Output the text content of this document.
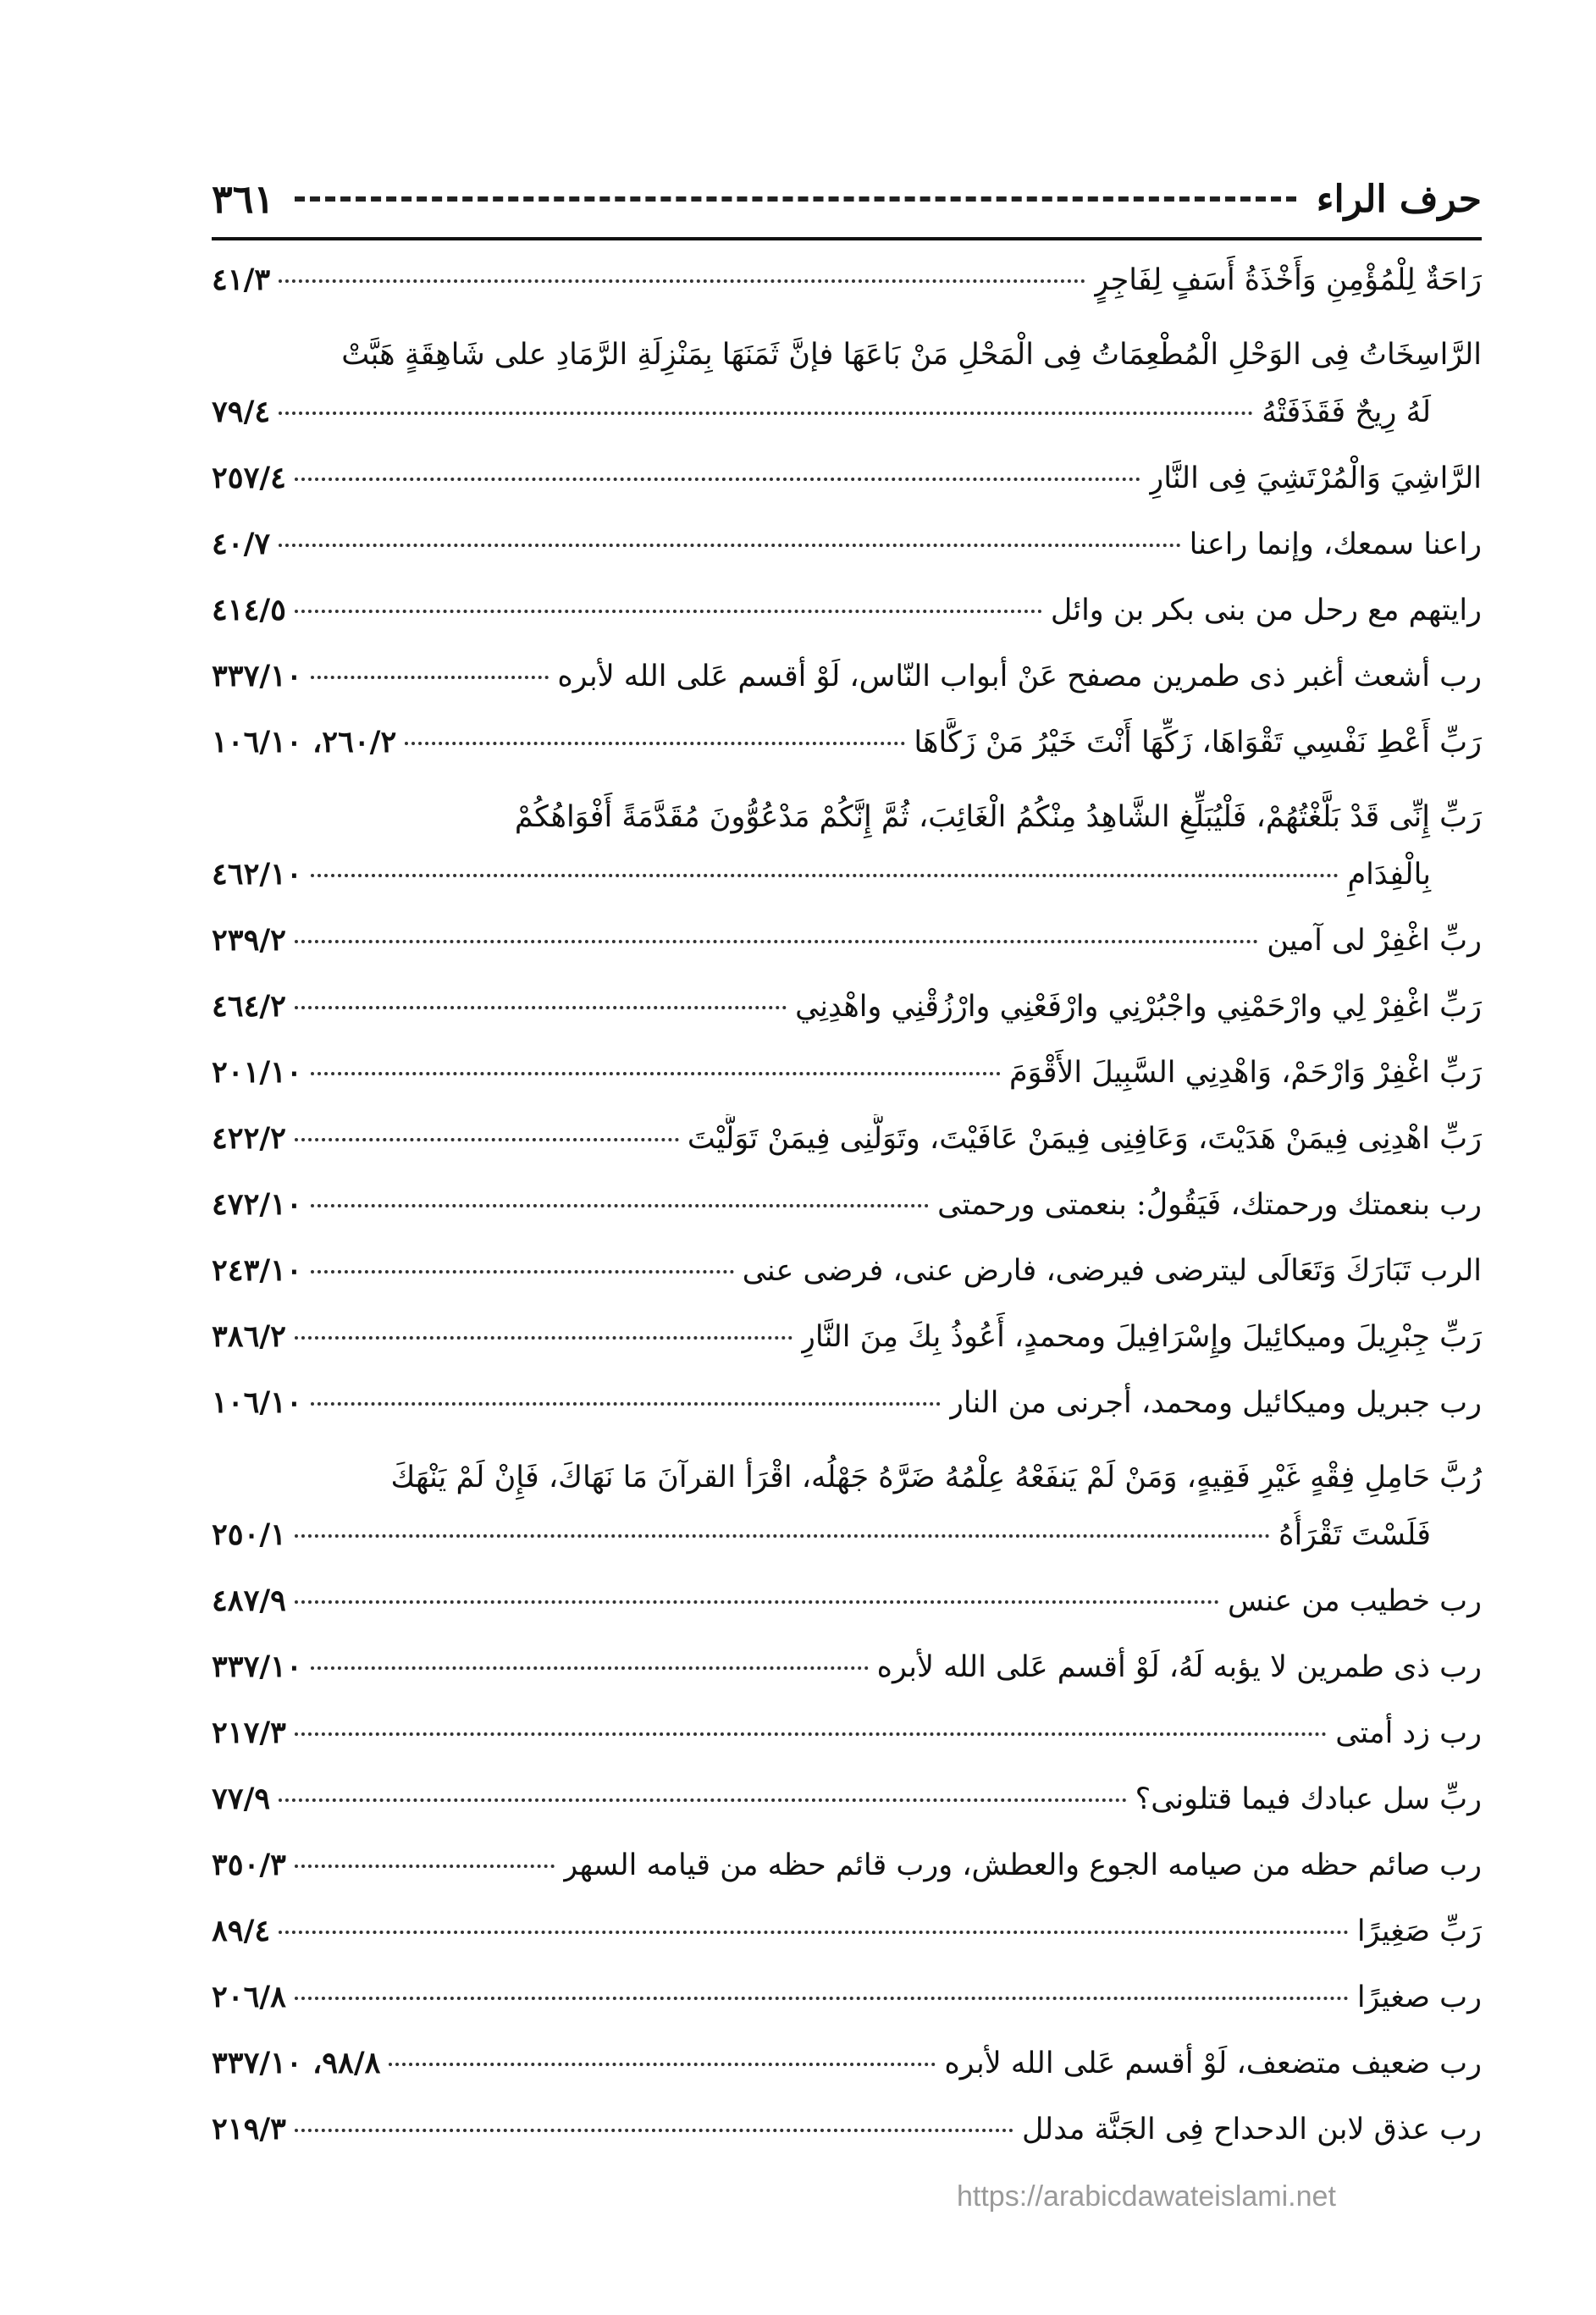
حرف الراء
٣٦١
رَاحَةٌ لِلْمُؤْمِنِ وَأَخْذَةُ أَسَفٍ لِفَاجِرٍ
٤١/٣
الرَّاسِخَاتُ فِى الوَحْلِ الْمُطْعِمَاتُ فِى الْمَحْلِ مَنْ بَاعَهَا فإنَّ ثَمَنَهَا بِمَنْزِلَةِ الرَّمَادِ على شَاهِقَةٍ هَبَّتْ
لَهُ رِيحٌ فَقَذَفَتْهُ
٧٩/٤
الرَّاشِيَ وَالْمُرْتَشِيَ فِى النَّارِ
٢٥٧/٤
راعنا سمعك، وإنما راعنا
٤٠/٧
رايتهم مع رحل من بنى بكر بن وائل
٤١٤/٥
رب أشعث أغبر ذى طمرين مصفح عَنْ أبواب النّاس، لَوْ أقسم عَلى الله لأبره
٣٣٧/١٠
رَبِّ أَعْطِ نَفْسِي تَقْوَاهَا، زَكِّهَا أَنْتَ خَيْرُ مَنْ زَكَّاهَا
٢٦٠/٢، ١٠٦/١٠
رَبِّ إِنِّى قَدْ بَلَّغْتُهُمْ، فَلْيُبَلِّغِ الشَّاهِدُ مِنْكُمُ الْغَائِبَ، ثُمَّ إِنَّكُمْ مَدْعُوُّونَ مُقَدَّمَةً أَفْوَاهُكُمْ
بِالْفِدَامِ
٤٦٢/١٠
ربِّ اغْفِرْ لى آمين
٢٣٩/٢
رَبِّ اغْفِرْ لِي وارْحَمْنِي واجْبُرْنِي وارْفَعْنِي وارْزُقْنِي واهْدِنِي
٤٦٤/٢
رَبِّ اغْفِرْ وَارْحَمْ، وَاهْدِنِي السَّبِيلَ الأَقْوَمَ
٢٠١/١٠
رَبِّ اهْدِنِى فِيمَنْ هَدَيْتَ، وَعَافِنِى فِيمَنْ عَافَيْتَ، وتَوَلَّنِى فِيمَنْ تَوَلَّيْتَ
٤٢٢/٢
رب بنعمتك ورحمتك، فَيَقُولُ: بنعمتى ورحمتى
٤٧٢/١٠
الرب تَبَارَكَ وَتَعَالَى ليترضى فيرضى، فارض عنى، فرضى عنى
٢٤٣/١٠
رَبِّ جِبْرِيلَ وميكائِيلَ وإِسْرَافِيلَ ومحمدٍ، أَعُوذُ بِكَ مِنَ النَّارِ
٣٨٦/٢
رب جبريل وميكائيل ومحمد، أجرنى من النار
١٠٦/١٠
رُبَّ حَامِلِ فِقْهٍ غَيْرِ فَقِيهٍ، وَمَنْ لَمْ يَنفَعْهُ عِلْمُهُ ضَرَّهُ جَهْلُه، اقْرَأ القرآنَ مَا نَهَاكَ، فَإِنْ لَمْ يَنْهَكَ
فَلَسْتَ تَقْرَأُهُ
٢٥٠/١
رب خطيب من عنس
٤٨٧/٩
رب ذى طمرين لا يؤبه لَهُ، لَوْ أقسم عَلى الله لأبره
٣٣٧/١٠
رب زد أمتى
٢١٧/٣
ربِّ سل عبادك فيما قتلونى؟
٧٧/٩
رب صائم حظه من صيامه الجوع والعطش، ورب قائم حظه من قيامه السهر
٣٥٠/٣
رَبِّ صَغِيرًا
٨٩/٤
رب صغيرًا
٢٠٦/٨
رب ضعيف متضعف، لَوْ أقسم عَلى الله لأبره
٩٨/٨، ٣٣٧/١٠
رب عذق لابن الدحداح فِى الجَنَّة مدلل
٢١٩/٣
https://arabicdawateislami.net
